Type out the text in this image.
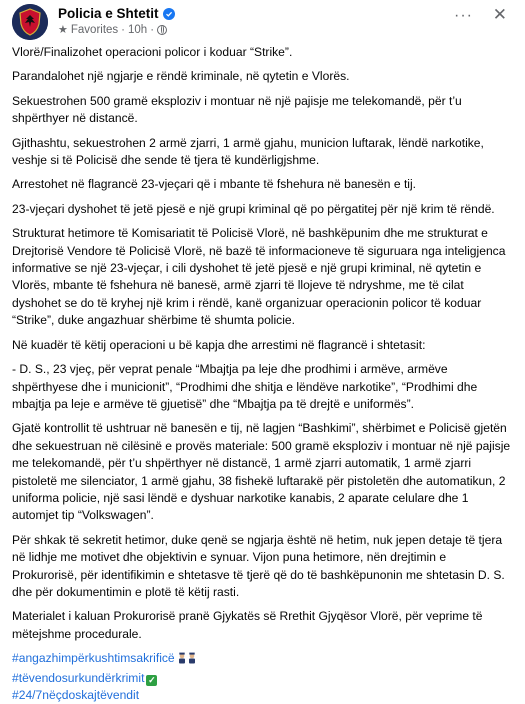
Policia e Shtetit
★ Favorites · 10h ·
··· ✕

Vlorë/Finalizohet operacioni policor i koduar “Strike”.

Parandalohet një ngjarje e rëndë kriminale, në qytetin e Vlorës.

Sekuestrohen 500 gramë eksploziv i montuar në një pajisje me telekomandë, për t’u shpërthyer në distancë.

Gjithashtu, sekuestrohen 2 armë zjarri, 1 armë gjahu, municion luftarak, lëndë narkotike, veshje si të Policisë dhe sende të tjera të kundërligjshme.

Arrestohet në flagrancë 23-vjeçari që i mbante të fshehura në banesën e tij.

23-vjeçari dyshohet të jetë pjesë e një grupi kriminal që po përgatitej për një krim të rëndë.

Strukturat hetimore të Komisariatit të Policisë Vlorë, në bashkëpunim dhe me strukturat e Drejtorisë Vendore të Policisë Vlorë, në bazë të informacioneve të siguruara nga inteligjenca informative se një 23-vjeçar, i cili dyshohet të jetë pjesë e një grupi kriminal, në qytetin e Vlorës, mbante të fshehura në banesë, armë zjarri të llojeve të ndryshme, me të cilat dyshohet se do të kryhej një krim i rëndë, kanë organizuar operacionin policor të koduar “Strike”, duke angazhuar shërbime të shumta policie.

Në kuadër të këtij operacioni u bë kapja dhe arrestimi në flagrancë i shtetasit:

- D. S., 23 vjeç, për veprat penale “Mbajtja pa leje dhe prodhimi i armëve, armëve shpërthyese dhe i municionit”, “Prodhimi dhe shitja e lëndëve narkotike”, “Prodhimi dhe mbajtja pa leje e armëve të gjuetisë” dhe “Mbajtja pa të drejtë e uniformës”.

Gjatë kontrollit të ushtruar në banesën e tij, në lagjen “Bashkimi”, shërbimet e Policisë gjetën dhe sekuestruan në cilësinë e provës materiale: 500 gramë eksploziv i montuar në një pajisje me telekomandë, për t’u shpërthyer në distancë, 1 armë zjarri automatik, 1 armë zjarri pistoletë me silenciator, 1 armë gjahu, 38 fishekë luftarakë për pistoletën dhe automatikun, 2 uniforma policie, një sasi lëndë e dyshuar narkotike kanabis, 2 aparate celulare dhe 1 automjet tip “Volkswagen”.

Për shkak të sekretit hetimor, duke qenë se ngjarja është në hetim, nuk jepen detaje të tjera në lidhje me motivet dhe objektivin e synuar. Vijon puna hetimore, nën drejtimin e Prokurorisë, për identifikimin e shtetasve të tjerë që do të bashkëpunonin me shtetasin D. S. dhe për dokumentimin e plotë të këtij rasti.

Materialet i kaluan Prokurorisë pranë Gjykatës së Rrethit Gjyqësor Vlorë, për veprime të mëtejshme procedurale.

#angazhimpërkushtimsakrificë
#tëvendosurkundërkrimit ✓
#24/7nëçdoskajtëvendit
